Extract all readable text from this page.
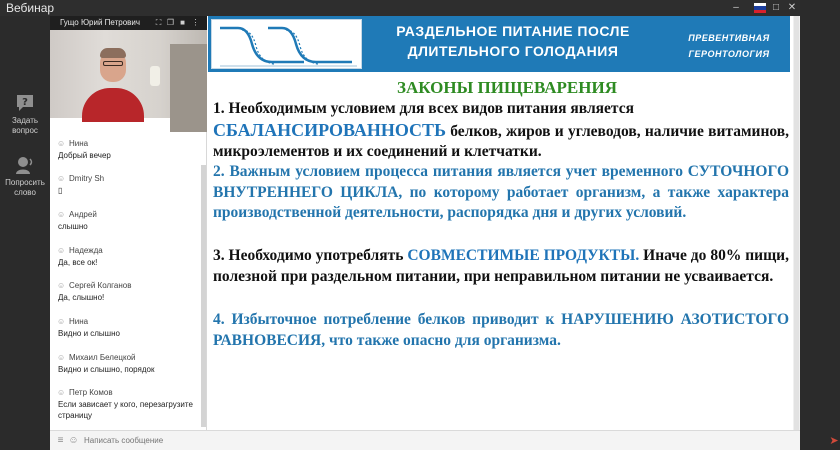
Вебинар	–	□ ✕
?
Задать
вопрос
Попросить
слово
Гущо Юрий Петрович	⛶ ❐ ■ ⋮
☺ Нина
Добрый вечер
☺ Dmitry Sh
▯
☺ Андрей
слышно
☺ Надежда
Да, все ок!
☺ Сергей Колганов
Да, слышно!
☺ Нина
Видно и слышно
☺ Михаил Белецкой
Видно и слышно, порядок
☺ Петр Комов
Если зависает у кого, перезагрузите страницу
РАЗДЕЛЬНОЕ ПИТАНИЕ ПОСЛЕ
ДЛИТЕЛЬНОГО ГОЛОДАНИЯ
ПРЕВЕНТИВНАЯ
ГЕРОНТОЛОГИЯ
ЗАКОНЫ ПИЩЕВАРЕНИЯ
1. Необходимым условием для всех видов питания является
СБАЛАНСИРОВАННОСТЬ белков, жиров и углеводов, наличие витаминов, микроэлементов и их соединений и клетчатки.
2. Важным условием процесса питания является учет временного СУТОЧНОГО ВНУТРЕННЕГО ЦИКЛА, по которому работает организм, а также характера производственной деятельности, распорядка дня и других условий.
3. Необходимо употреблять СОВМЕСТИМЫЕ ПРОДУКТЫ. Иначе до 80% пищи, полезной при раздельном питании, при неправильном питании не усваивается.
4. Избыточное потребление белков приводит к НАРУШЕНИЮ АЗОТИСТОГО РАВНОВЕСИЯ, что также опасно для организма.
≡ ☺
Написать сообщение	➤
